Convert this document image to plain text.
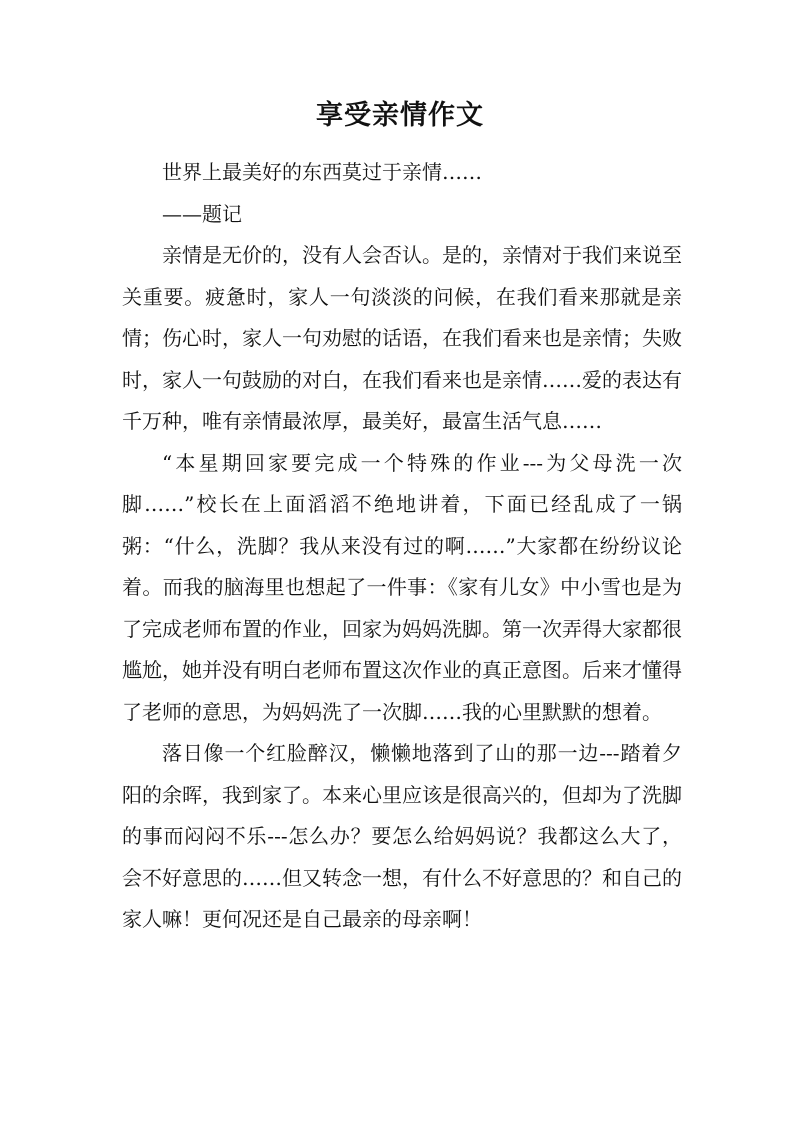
享受亲情作文

世界上最美好的东西莫过于亲情……

——题记

亲情是无价的，没有人会否认。是的，亲情对于我们来说至关重要。疲惫时，家人一句淡淡的问候，在我们看来那就是亲情；伤心时，家人一句劝慰的话语，在我们看来也是亲情；失败时，家人一句鼓励的对白，在我们看来也是亲情……爱的表达有千万种，唯有亲情最浓厚，最美好，最富生活气息……

“本星期回家要完成一个特殊的作业---为父母洗一次脚……”校长在上面滔滔不绝地讲着，下面已经乱成了一锅粥：“什么，洗脚？我从来没有过的啊……”大家都在纷纷议论着。而我的脑海里也想起了一件事：《家有儿女》中小雪也是为了完成老师布置的作业，回家为妈妈洗脚。第一次弄得大家都很尴尬，她并没有明白老师布置这次作业的真正意图。后来才懂得了老师的意思，为妈妈洗了一次脚……我的心里默默的想着。

落日像一个红脸醉汉，懒懒地落到了山的那一边---踏着夕阳的余晖，我到家了。本来心里应该是很高兴的，但却为了洗脚的事而闷闷不乐---怎么办？要怎么给妈妈说？我都这么大了，会不好意思的……但又转念一想，有什么不好意思的？和自己的家人嘛！更何况还是自己最亲的母亲啊！
